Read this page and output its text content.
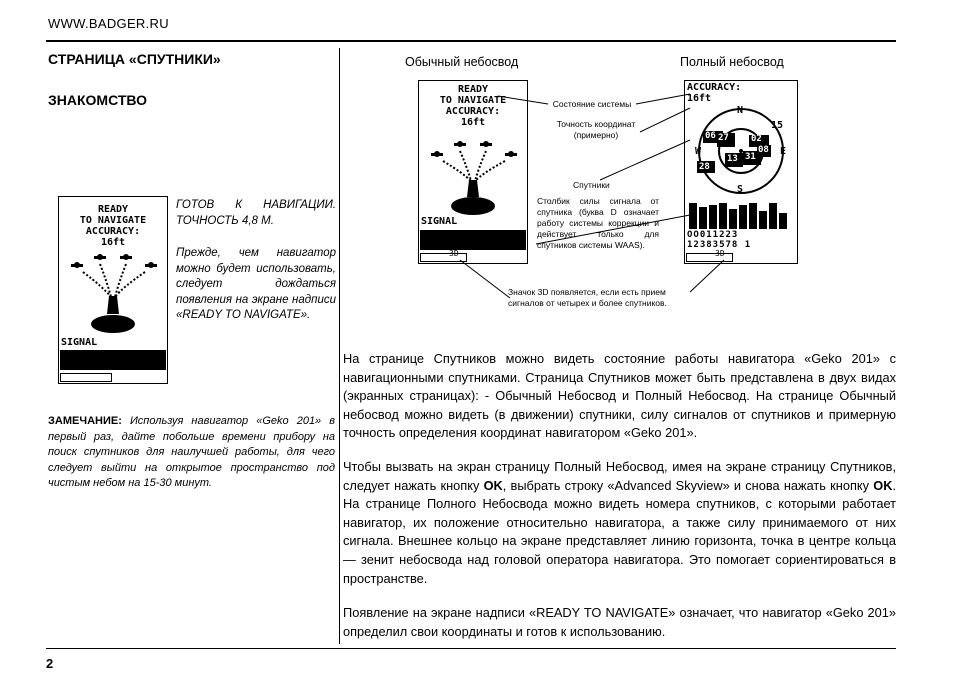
WWW.BADGER.RU
2
СТРАНИЦА «СПУТНИКИ»
ЗНАКОМСТВО
READY
TO NAVIGATE
ACCURACY:
16ft
SIGNAL
ГОТОВ К НАВИГАЦИИ. ТОЧНОСТЬ 4,8 М.
Прежде, чем навигатор можно будет использовать, следует дождаться появления на экране надписи «READY TO NAVIGATE».
ЗАМЕЧАНИЕ: Используя навигатор «Geko 201» в первый раз, дайте побольше времени прибору на поиск спутников для наилучшей работы, для чего следует выйти на открытое пространство под чистым небом на 15-30 минут.
Обычный небосвод	Полный небосвод
READY
TO NAVIGATE
ACCURACY:
16ft
SIGNAL
3D
ACCURACY:
16ft
N
E
S
W
15
02
27
08
13 31
28
06
OO011223
12383578 1
3D
Состояние системы
Точность координат (примерно)
Спутники
Столбик силы сигнала от спутника (буква D означает работу системы коррекции и действует только для спутников системы WAAS).
Значок 3D появляется, если есть прием сигналов от четырех и более спутников.
На странице Спутников можно видеть состояние работы навигатора «Geko 201» с навигационными спутниками. Страница Спутников может быть представлена в двух видах (экранных страницах): - Обычный Небосвод и Полный Небосвод. На странице Обычный небосвод можно видеть (в движении) спутники, силу сигналов от спутников и примерную точность определения координат навигатором «Geko 201».
Чтобы вызвать на экран страницу Полный Небосвод, имея на экране страницу Спутников, следует нажать кнопку OK, выбрать строку «Advanced Skyview» и снова нажать кнопку OK. На странице Полного Небосвода можно видеть номера спутников, с которыми работает навигатор, их положение относительно навигатора, а также силу принимаемого от них сигнала. Внешнее кольцо на экране представляет линию горизонта, точка в центре кольца — зенит небосвода над головой оператора навигатора. Это помогает сориентироваться в пространстве.
Появление на экране надписи «READY TO NAVIGATE» означает, что навигатор «Geko 201» определил свои координаты и готов к использованию.
